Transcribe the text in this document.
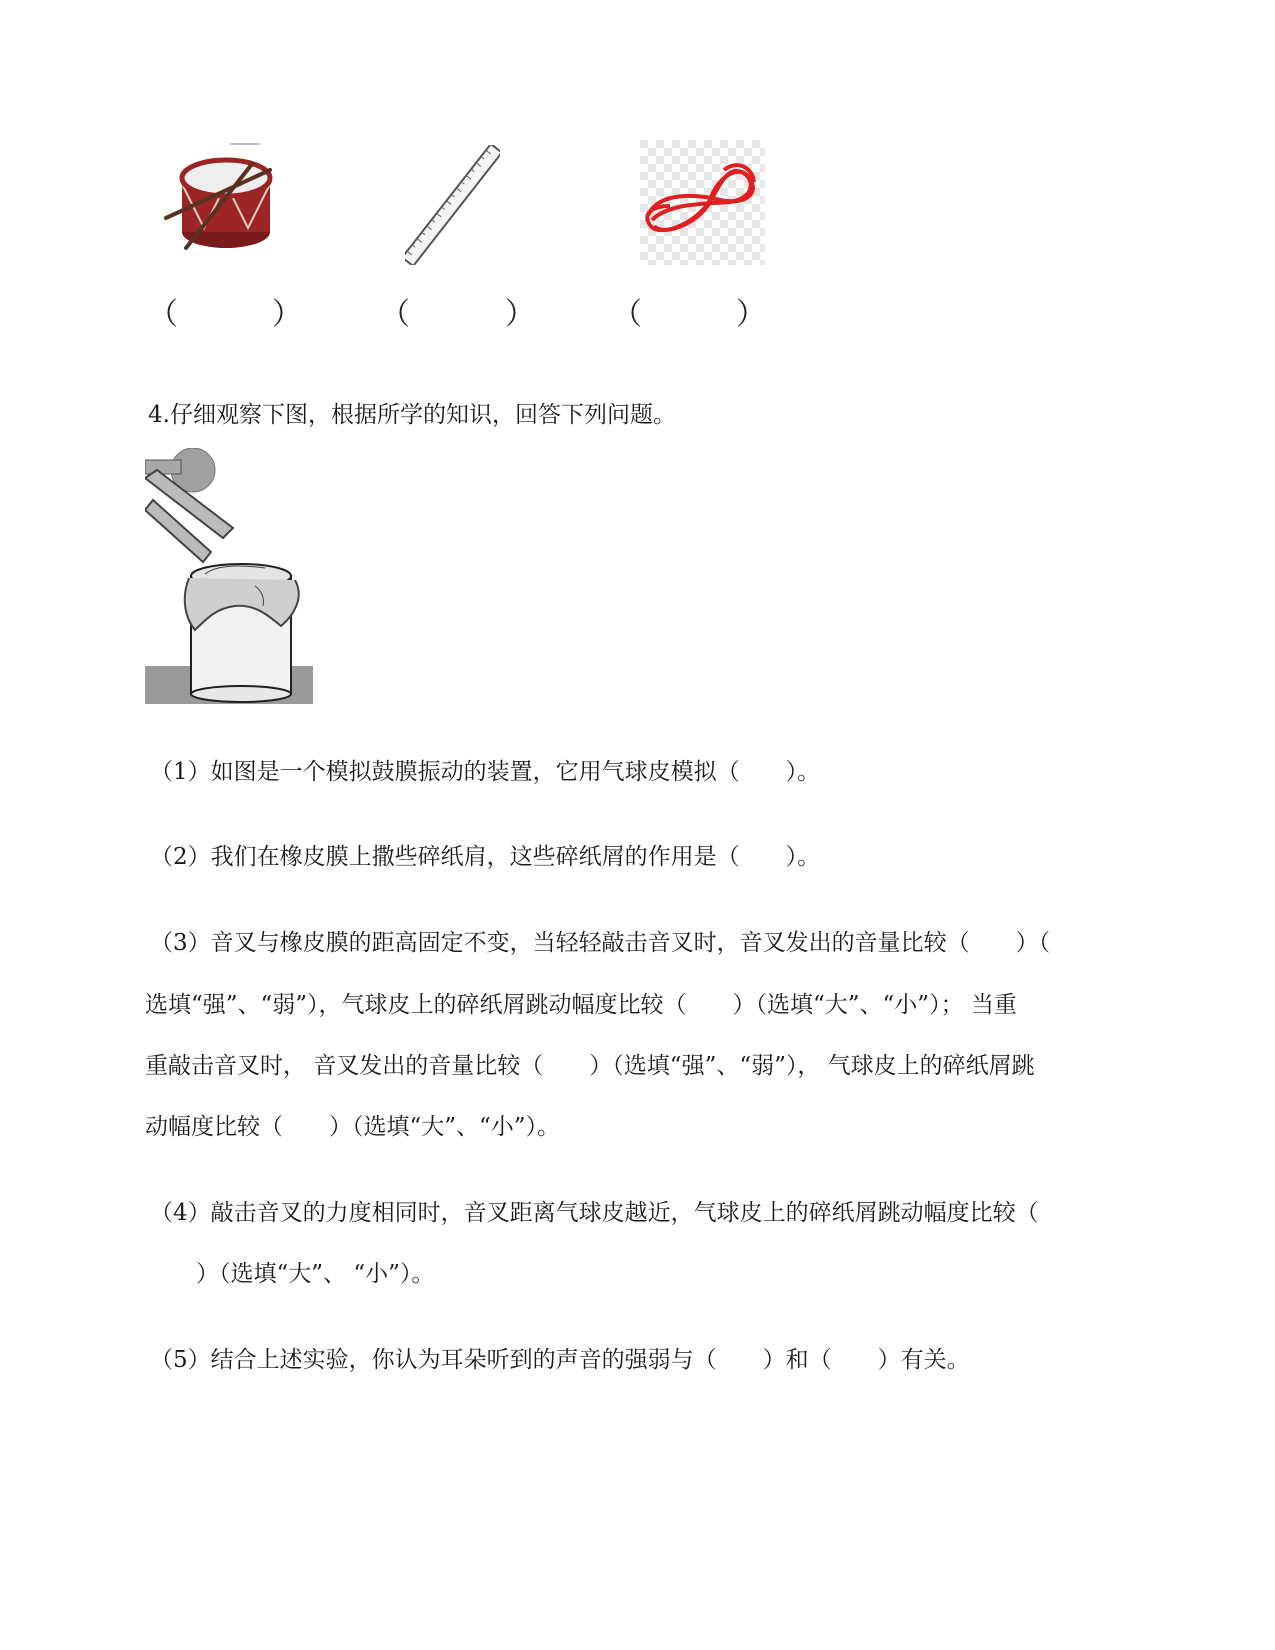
（	）	（	）	（	）
4.仔细观察下图，根据所学的知识，回答下列问题。
（1）如图是一个模拟鼓膜振动的装置，它用气球皮模拟（　　）。
（2）我们在橡皮膜上撒些碎纸肩，这些碎纸屑的作用是（　　）。
（3）音叉与橡皮膜的距高固定不变，当轻轻敲击音叉时，音叉发出的音量比较（　　）（
选填“强”、“弱”），气球皮上的碎纸屑跳动幅度比较（　　）（选填“大”、“小”）； 当重
重敲击音叉时， 音叉发出的音量比较（　　）（选填“强”、“弱”）， 气球皮上的碎纸屑跳
动幅度比较（　　）（选填“大”、“小”）。
（4）敲击音叉的力度相同时，音叉距离气球皮越近，气球皮上的碎纸屑跳动幅度比较（
　　）（选填“大”、 “小”）。
（5）结合上述实验，你认为耳朵听到的声音的强弱与（　　）和（　　）有关。
